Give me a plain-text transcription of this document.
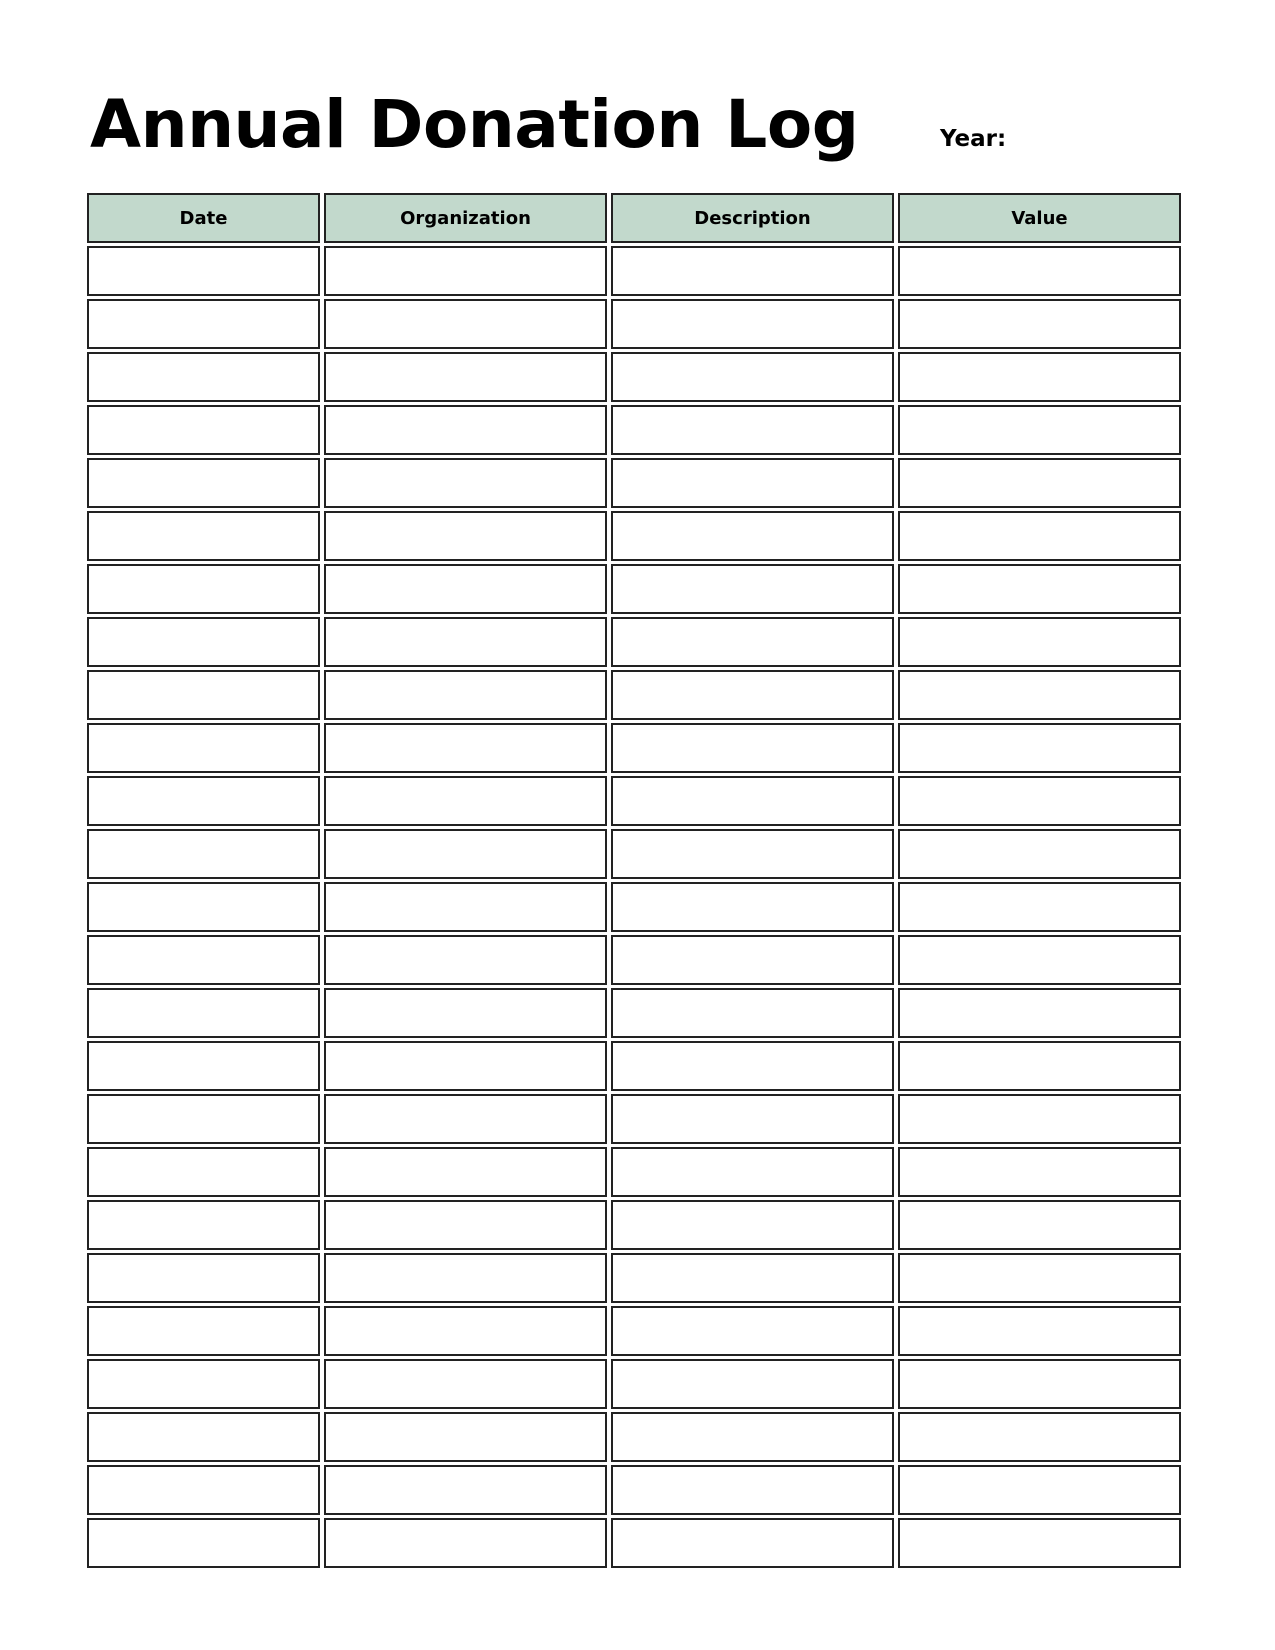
Annual Donation Log	Year:
Date	Organization	Description	Value
